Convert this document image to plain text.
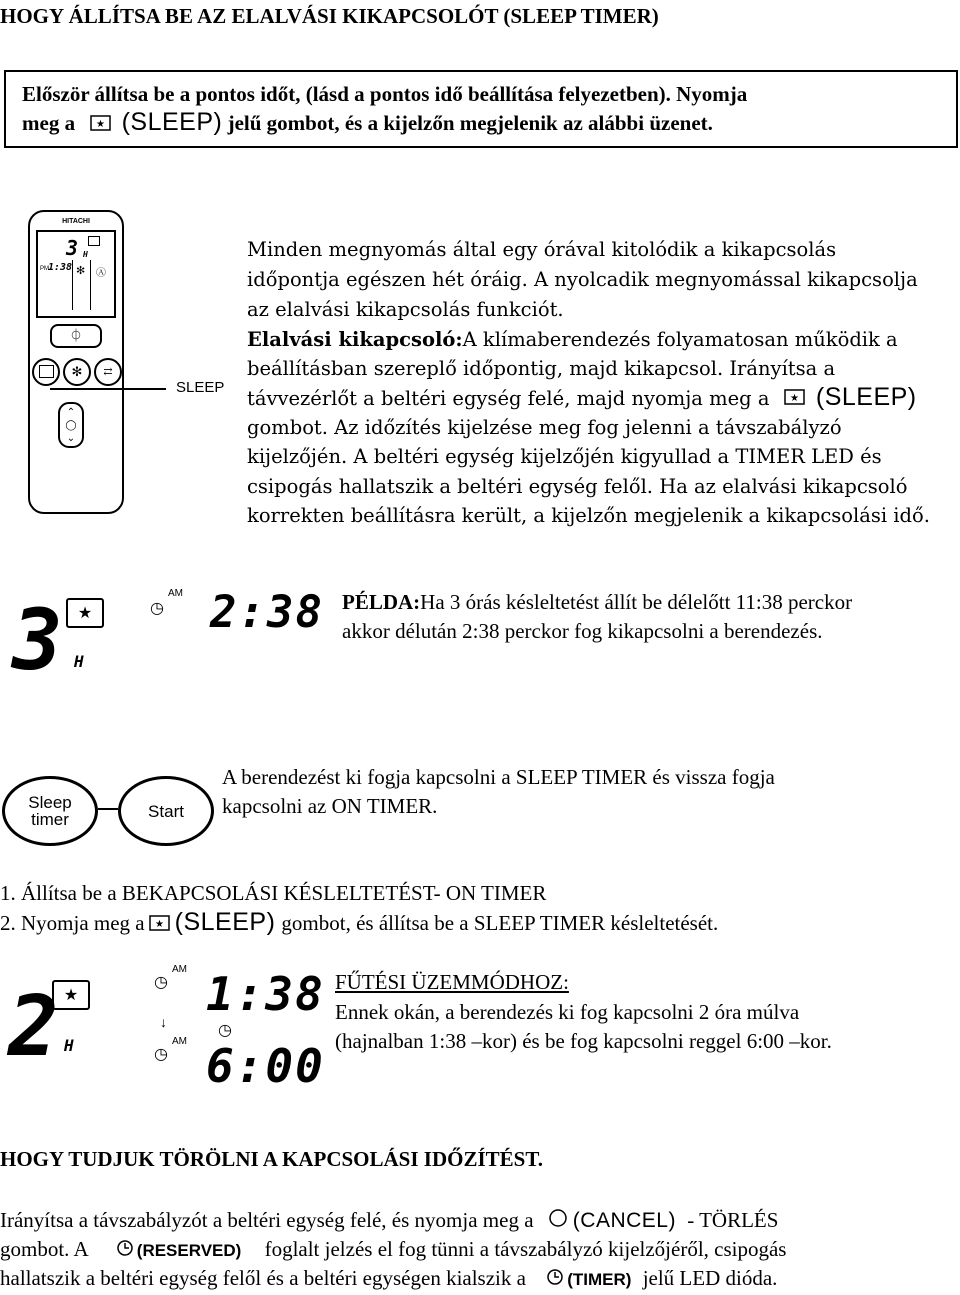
HOGY ÁLLÍTSA BE AZ ELALVÁSI KIKAPCSOLÓT (SLEEP TIMER)
Először állítsa be a pontos időt, (lásd a pontos idő beállítása felyezetben). Nyomja
meg a ★ (SLEEP) jelű gombot, és a kijelzőn megjelenik az alábbi üzenet.
HITACHI
3 H
PM 1:38 ✻ Ⓐ
⏀
✻	⇄
⌃
◯
⌄
SLEEP
Minden megnyomás által egy órával kitolódik a kikapcsolás
időpontja egészen hét óráig. A nyolcadik megnyomással kikapcsolja
az elalvási kikapcsolás funkciót.
Elalvási kikapcsoló:A klímaberendezés folyamatosan működik a
beállításban szereplő időpontig, majd kikapcsol. Irányítsa a
távvezérlőt a beltéri egység felé, majd nyomja meg a ★ (SLEEP)
gombot. Az időzítés kijelzése meg fog jelenni a távszabályzó
kijelzőjén. A beltéri egység kijelzőjén kigyullad a TIMER LED és
csipogás hallatszik a beltéri egység felől. Ha az elalvási kikapcsoló
korrekten beállításra került, a kijelzőn megjelenik a kikapcsolási idő.
3 H
★	◷
AM 2:38 PÉLDA:Ha 3 órás késleltetést állít be délelőtt 11:38 perckor
akkor délután 2:38 perckor fog kikapcsolni a berendezés.
Sleep
timer	Start
A berendezést ki fogja kapcsolni a SLEEP TIMER és vissza fogja
kapcsolni az ON TIMER.
1. Állítsa be a BEKAPCSOLÁSI KÉSLELTETÉST- ON TIMER
2. Nyomja meg a ★ (SLEEP) gombot, és állítsa be a SLEEP TIMER késleltetését.
2 H
★
◷
AM 1:38
↓	◷
◷
AM 6:00
FŰTÉSI ÜZEMMÓDHOZ:
Ennek okán, a berendezés ki fog kapcsolni 2 óra múlva
(hajnalban 1:38 –kor) és be fog kapcsolni reggel 6:00 –kor.
HOGY TUDJUK TÖRÖLNI A KAPCSOLÁSI IDŐZÍTÉST.
Irányítsa a távszabályzót a beltéri egység felé, és nyomja meg a (CANCEL) - TÖRLÉS
gombot. A	(RESERVED) foglalt jelzés el fog tünni a távszabályzó kijelzőjéről, csipogás
hallatszik a beltéri egység felől és a beltéri egységen kialszik a (TIMER) jelű LED dióda.
